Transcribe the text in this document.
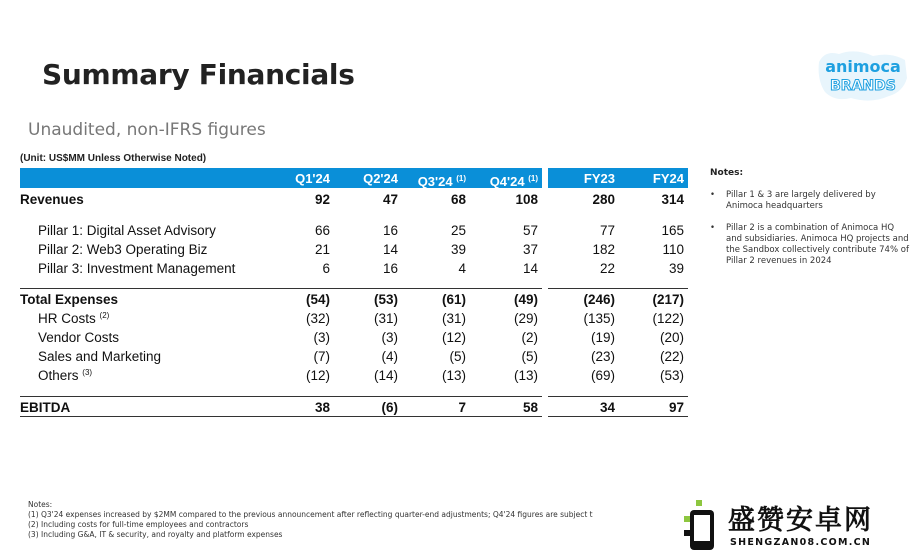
Summary Financials
Unaudited, non-IFRS figures
(Unit: US$MM Unless Otherwise Noted)
animoca
BRANDS
Q1'24	Q2'24	Q3'24 $^{(1)}$	Q4'24 $^{(1)}$	FY23	FY24
Revenues	92	47	68	108	280	314
Pillar 1: Digital Asset Advisory	66	16	25	57	77	165
Pillar 2: Web3 Operating Biz	21	14	39	37	182	110
Pillar 3: Investment Management	6	16	4	14	22	39
Total Expenses	(54)	(53)	(61)	(49)	(246)	(217)
HR Costs $^{(2)}$	(32)	(31)	(31)	(29)	(135)	(122)
Vendor Costs	(3)	(3)	(12)	(2)	(19)	(20)
Sales and Marketing	(7)	(4)	(5)	(5)	(23)	(22)
Others $^{(3)}$	(12)	(14)	(13)	(13)	(69)	(53)
EBITDA	38	(6)	7	58	34	97
Notes:
• Pillar 1 & 3 are largely delivered by Animoca headquarters
• Pillar 2 is a combination of Animoca HQ and subsidiaries. Animoca HQ projects and the Sandbox collectively contribute 74% of Pillar 2 revenues in 2024
Notes:
(1) Q3'24 expenses increased by $2MM compared to the previous announcement after reflecting quarter-end adjustments; Q4'24 figures are subject t
(2) Including costs for full-time employees and contractors
(3) Including G&A, IT & security, and royalty and platform expenses	盛赞安卓网
SHENGZAN08.COM.CN
